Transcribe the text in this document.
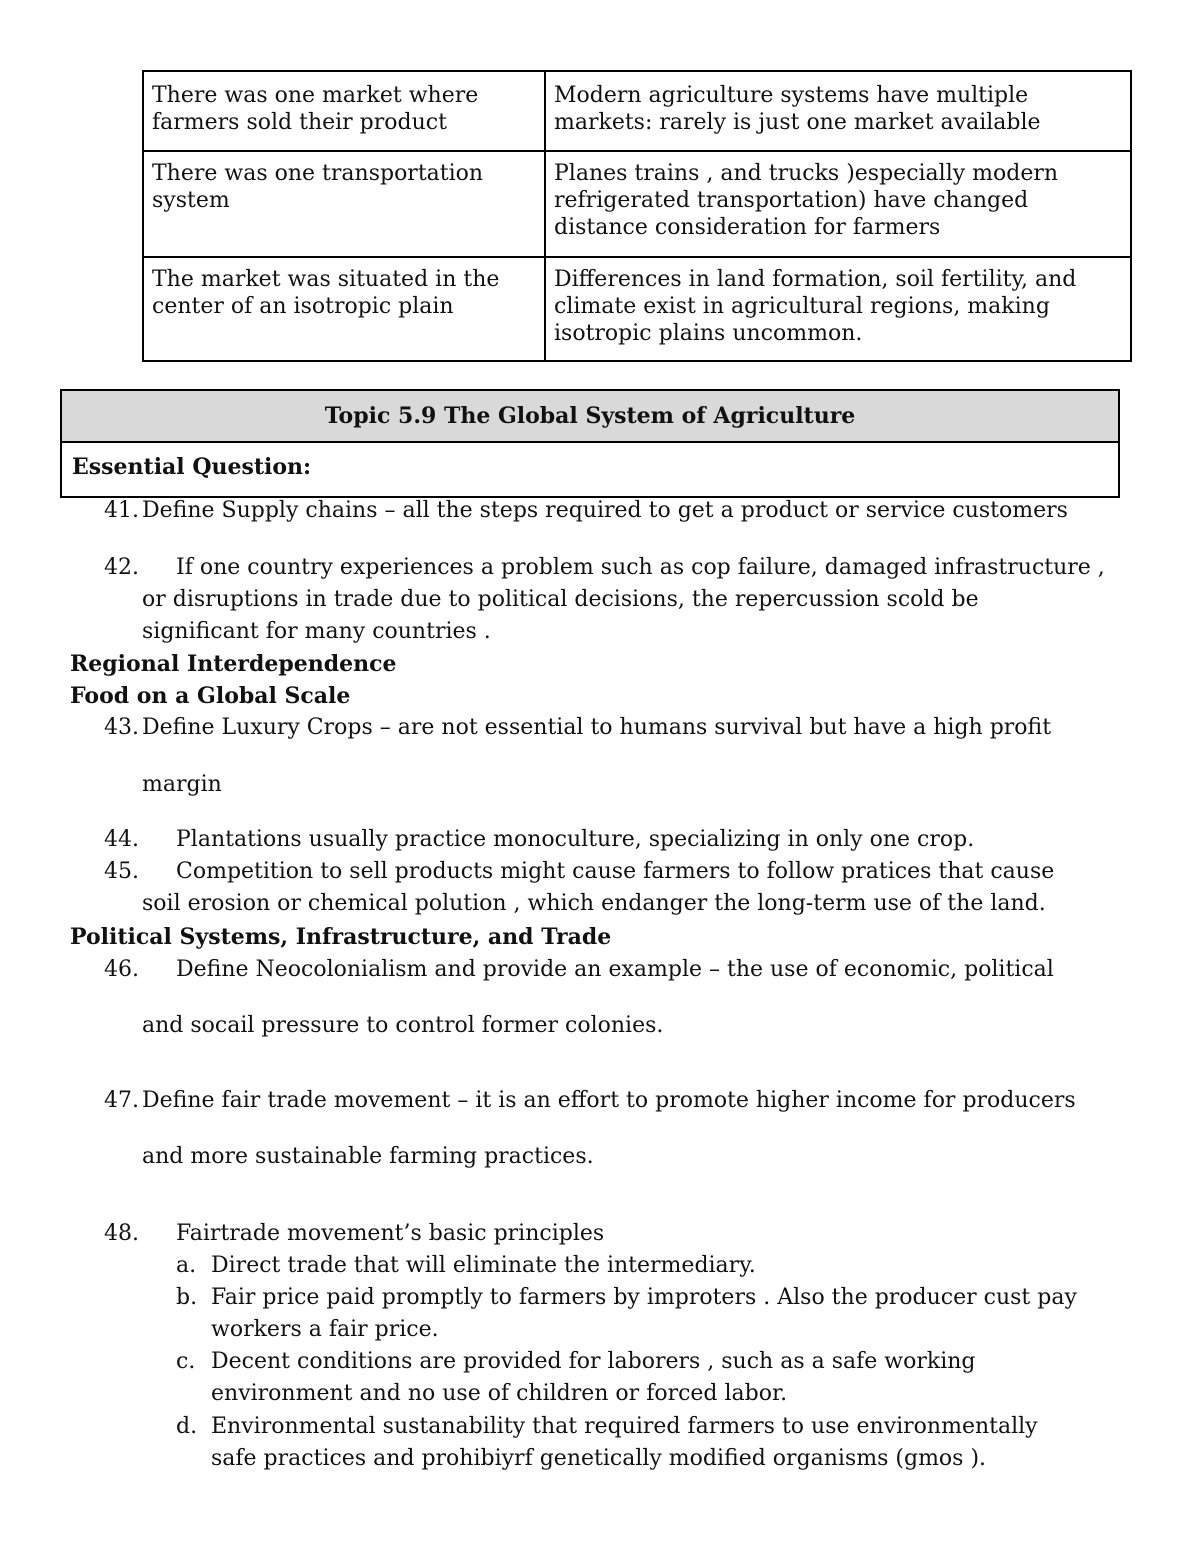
There was one market where
farmers sold their product
Modern agriculture systems have multiple
markets: rarely is just one market available
There was one transportation
system
Planes trains , and trucks )especially modern
refrigerated transportation) have changed
distance consideration for farmers
The market was situated in the
center of an isotropic plain
Differences in land formation, soil fertility, and
climate exist in agricultural regions, making
isotropic plains uncommon.
Topic 5.9 The Global System of Agriculture
Essential Question:
41. Define Supply chains – all the steps required to get a product or service customers
42. If one country experiences a problem such as cop failure, damaged infrastructure ,
or disruptions in trade due to political decisions, the repercussion scold be
significant for many countries .
Regional Interdependence
Food on a Global Scale
43. Define Luxury Crops – are not essential to humans survival but have a high profit
margin
44. Plantations usually practice monoculture, specializing in only one crop.
45. Competition to sell products might cause farmers to follow pratices that cause
soil erosion or chemical polution , which endanger the long-term use of the land.
Political Systems, Infrastructure, and Trade
46. Define Neocolonialism and provide an example – the use of economic, political
and socail pressure to control former colonies.
47. Define fair trade movement – it is an effort to promote higher income for producers
and more sustainable farming practices.
48. Fairtrade movement’s basic principles
a. Direct trade that will eliminate the intermediary.
b. Fair price paid promptly to farmers by improters . Also the producer cust pay
workers a fair price.
c. Decent conditions are provided for laborers , such as a safe working
environment and no use of children or forced labor.
d. Environmental sustanability that required farmers to use environmentally
safe practices and prohibiyrf genetically modified organisms (gmos ).
